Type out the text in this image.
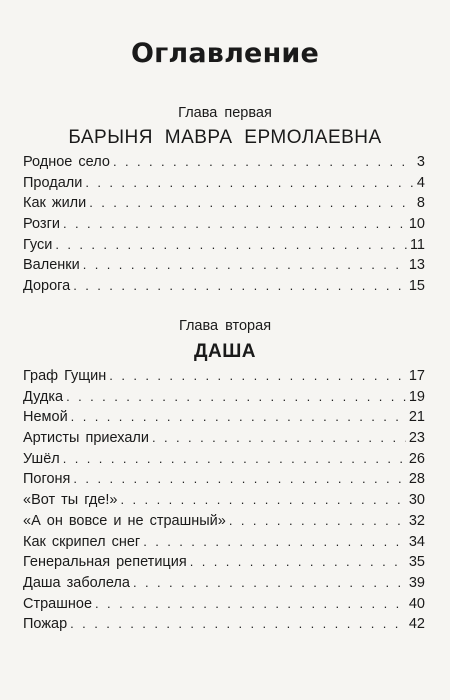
Оглавление
Глава первая
БАРЫНЯ МАВРА ЕРМОЛАЕВНА
Родное село . . .	3
Продали . . .	4
Как жили . . .	8
Розги . . .	10
Гуси . . .	11
Валенки . . .	13
Дорога . . .	15
Глава вторая
ДАША
Граф Гущин . . .	17
Дудка . . .	19
Немой . . .	21
Артисты приехали . . .	23
Ушёл . . .	26
Погоня . . .	28
«Вот ты где!» . . .	30
«А он вовсе и не страшный» . . .	32
Как скрипел снег . . .	34
Генеральная репетиция . . .	35
Даша заболела . . .	39
Страшное . . .	40
Пожар . . .	42
